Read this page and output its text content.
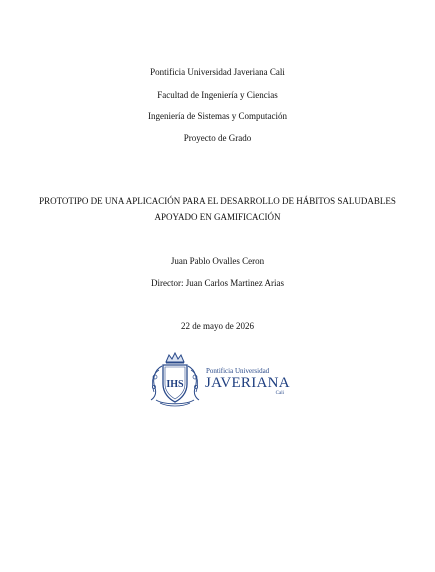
Pontificia Universidad Javeriana Cali
Facultad de Ingeniería y Ciencias
Ingeniería de Sistemas y Computación
Proyecto de Grado
PROTOTIPO DE UNA APLICACIÓN PARA EL DESARROLLO DE HÁBITOS SALUDABLES
APOYADO EN GAMIFICACIÓN
Juan Pablo Ovalles Ceron
Director: Juan Carlos Martinez Arias
22 de mayo de 2026
IHS
Pontificia Universidad
JAVERIANA
Cali
